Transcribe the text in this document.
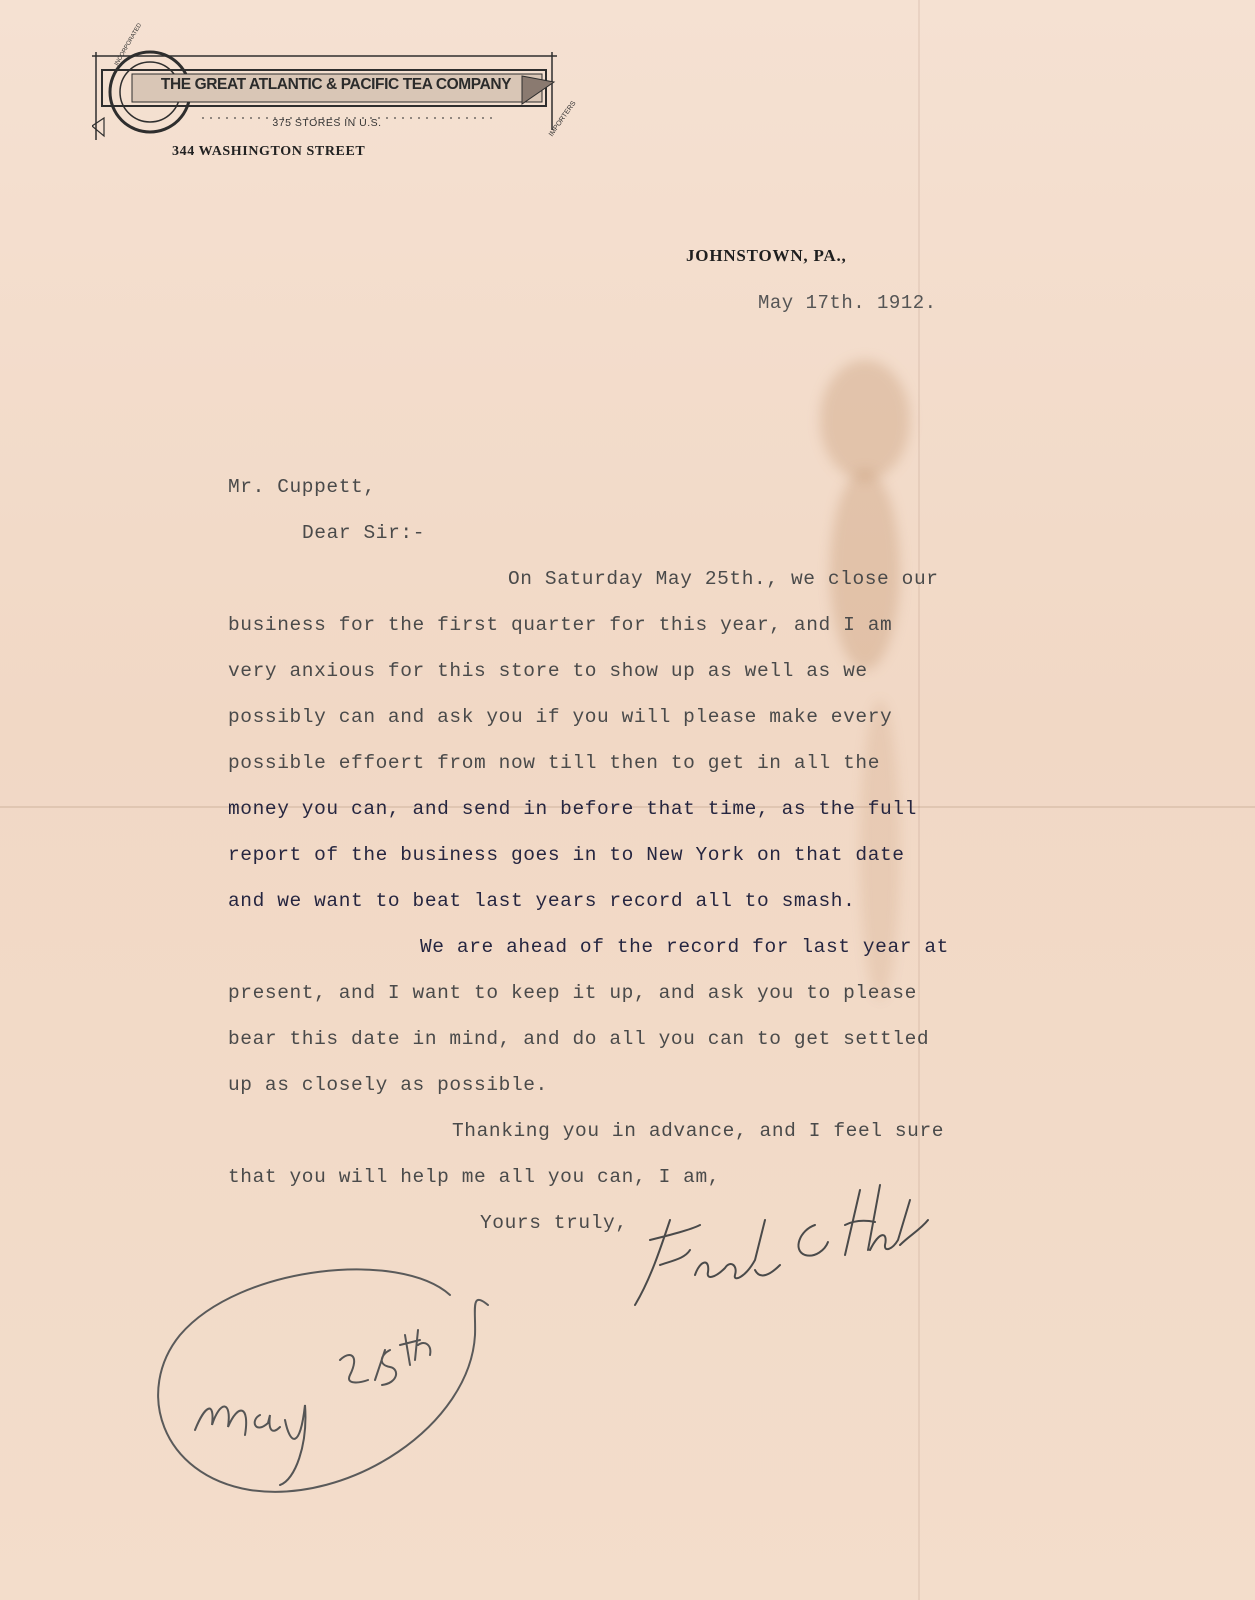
INCORPORATED
THE GREAT ATLANTIC & PACIFIC TEA COMPANY
375 STORES IN U.S.	IMPORTERS
344 WASHINGTON STREET
JOHNSTOWN, PA.,
May 17th. 1912.
Mr. Cuppett,
Dear Sir:-
On Saturday May 25th., we close our
business for the first quarter for this year, and I am
very anxious for this store to show up as well as we
possibly can and ask you if you will please make every
possible effoert from now till then to get in all the
money you can, and send in before that time, as the full
report of the business goes in to New York on that date
and we want to beat last years record all to smash.
We are ahead of the record for last year at
present, and I want to keep it up, and ask you to please
bear this date in mind, and do all you can to get settled
up as closely as possible.
Thanking you in advance, and I feel sure
that you will help me all you can, I am,
Yours truly,
